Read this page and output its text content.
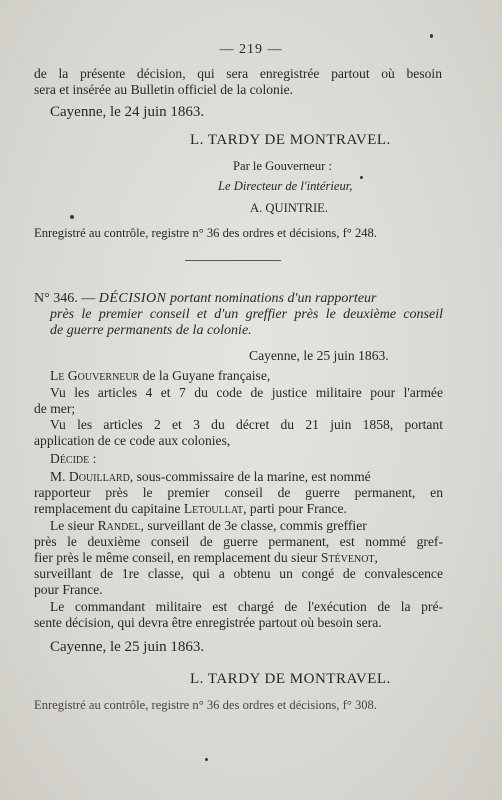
— 219 —
de la présente décision, qui sera enregistrée partout où besoin
sera et insérée au Bulletin officiel de la colonie.
Cayenne, le 24 juin 1863.
L. TARDY DE MONTRAVEL.
Par le Gouverneur :
Le Directeur de l'intérieur,
A. QUINTRIE.
Enregistré au contrôle, registre n° 36 des ordres et décisions, f° 248.
N° 346. — DÉCISION portant nominations d'un rapporteur
près le premier conseil et d'un greffier près le deuxième conseil
de guerre permanents de la colonie.
Cayenne, le 25 juin 1863.
Le Gouverneur de la Guyane française,
Vu les articles 4 et 7 du code de justice militaire pour l'armée
de mer;
Vu les articles 2 et 3 du décret du 21 juin 1858, portant
application de ce code aux colonies,
Décide :
M. Douillard, sous-commissaire de la marine, est nommé
rapporteur près le premier conseil de guerre permanent, en
remplacement du capitaine Letoullat, parti pour France.
Le sieur Randel, surveillant de 3e classe, commis greffier
près le deuxième conseil de guerre permanent, est nommé gref-
fier près le même conseil, en remplacement du sieur Stévenot,
surveillant de 1re classe, qui a obtenu un congé de convalescence
pour France.
Le commandant militaire est chargé de l'exécution de la pré-
sente décision, qui devra être enregistrée partout où besoin sera.
Cayenne, le 25 juin 1863.
L. TARDY DE MONTRAVEL.
Enregistré au contrôle, registre n° 36 des ordres et décisions, f° 308.
